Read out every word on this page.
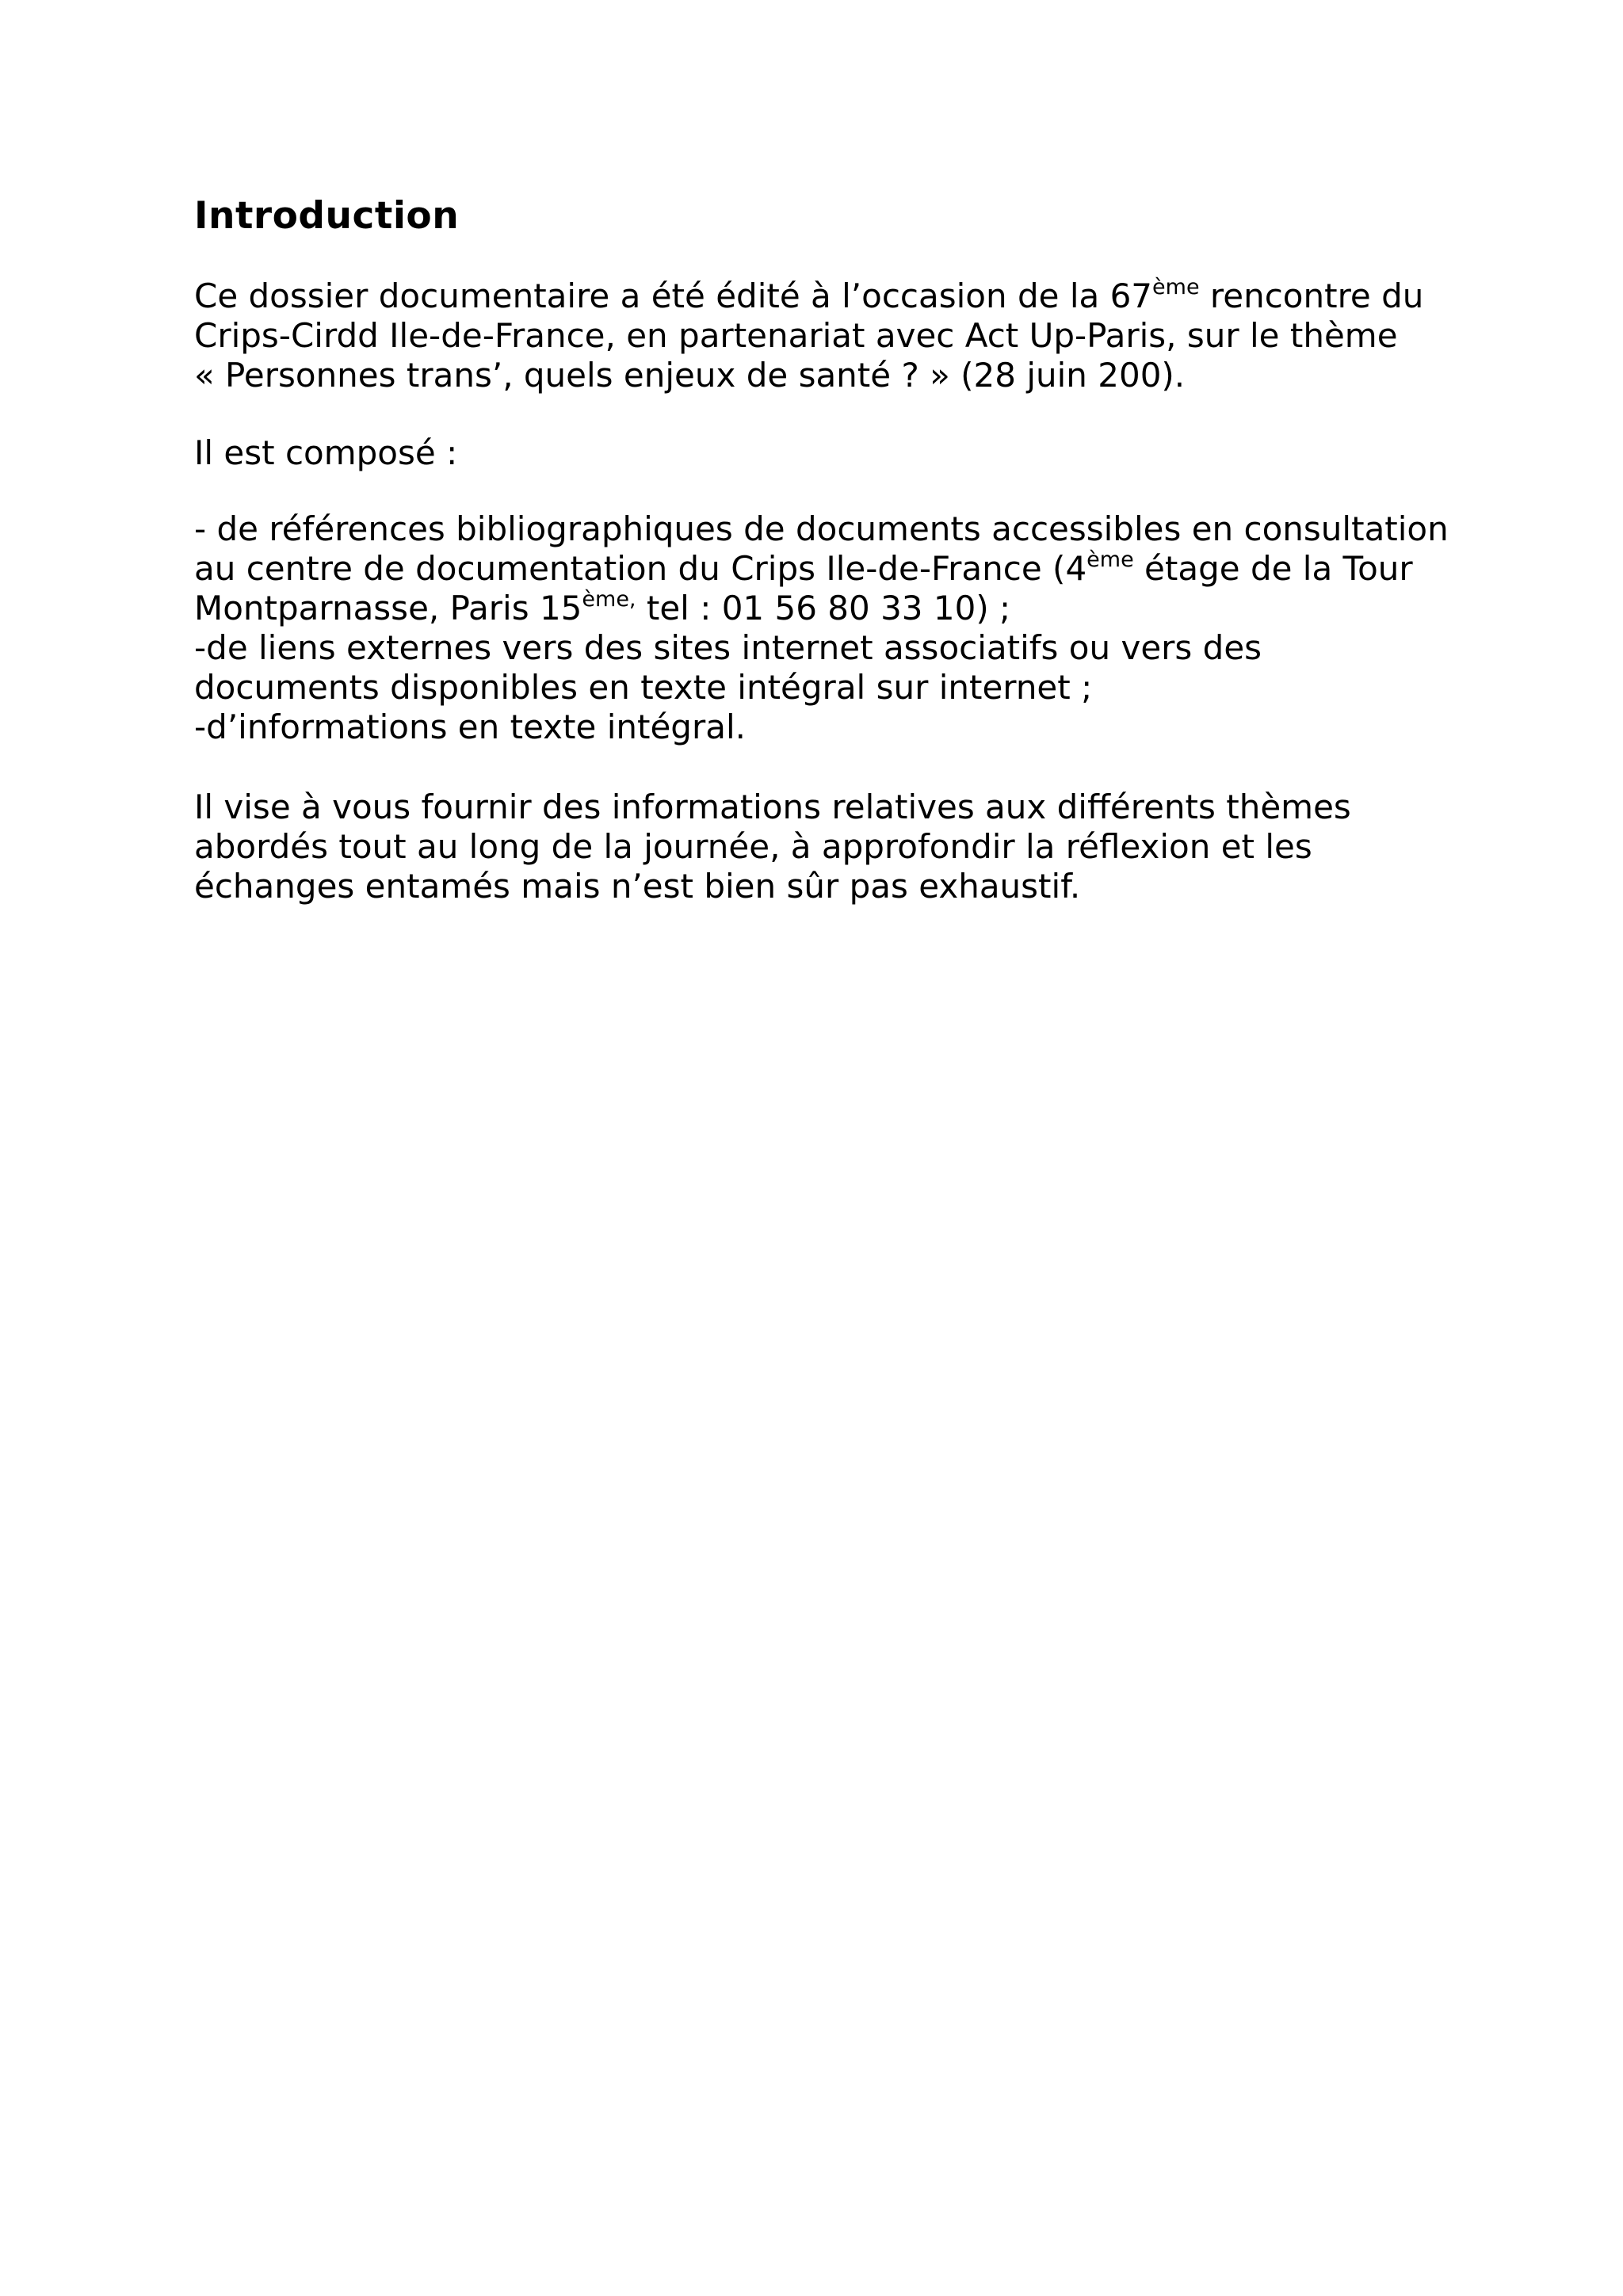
Introduction

Ce dossier documentaire a été édité à l’occasion de la 67ème rencontre du
Crips-Cirdd Ile-de-France, en partenariat avec Act Up-Paris, sur le thème
« Personnes trans’, quels enjeux de santé ? » (28 juin 200).

Il est composé :

- de références bibliographiques de documents accessibles en consultation
au centre de documentation du Crips Ile-de-France (4ème étage de la Tour
Montparnasse, Paris $15^{ème,}$ tel : 01 56 80 33 10) ;
-de liens externes vers des sites internet associatifs ou vers des
documents disponibles en texte intégral sur internet ;
-d’informations en texte intégral.

Il vise à vous fournir des informations relatives aux différents thèmes
abordés tout au long de la journée, à approfondir la réflexion et les
échanges entamés mais n’est bien sûr pas exhaustif.
